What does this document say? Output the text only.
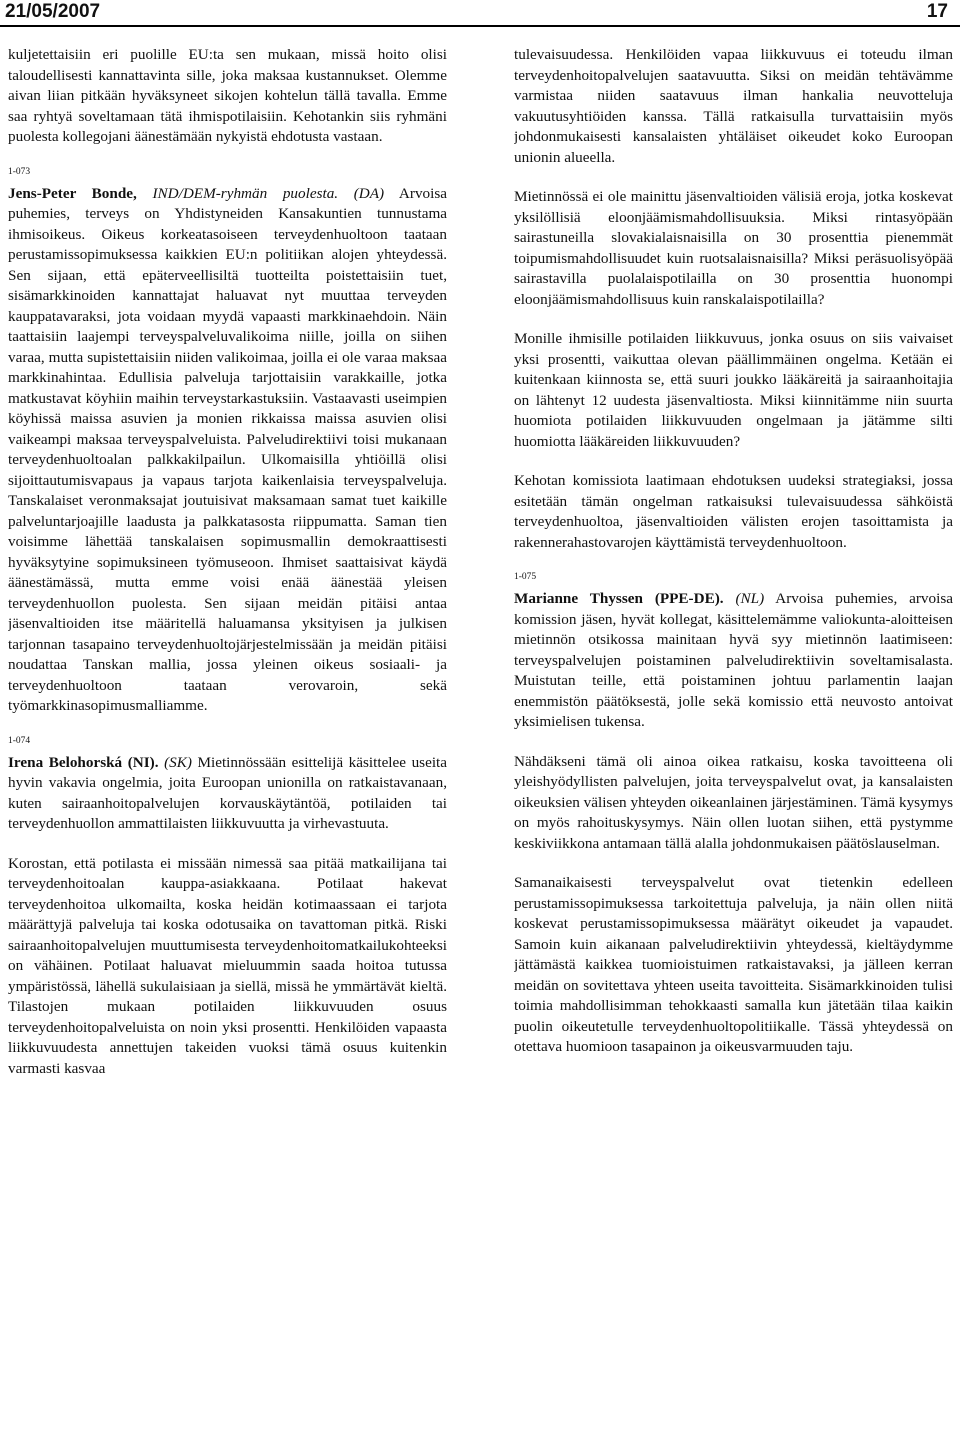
21/05/2007	17

kuljetettaisiin eri puolille EU:ta sen mukaan, missä hoito olisi taloudellisesti kannattavinta sille, joka maksaa kustannukset. Olemme aivan liian pitkään hyväksyneet sikojen kohtelun tällä tavalla. Emme saa ryhtyä soveltamaan tätä ihmispotilaisiin. Kehotankin siis ryhmäni puolesta kollegojani äänestämään nykyistä ehdotusta vastaan.

1-073

Jens-Peter Bonde, IND/DEM-ryhmän puolesta. (DA) Arvoisa puhemies, terveys on Yhdistyneiden Kansakuntien tunnustama ihmisoikeus. Oikeus korkeatasoiseen terveydenhuoltoon taataan perustamissopimuksessa kaikkien EU:n politiikan alojen yhteydessä. Sen sijaan, että epäterveellisiltä tuotteilta poistettaisiin tuet, sisämarkkinoiden kannattajat haluavat nyt muuttaa terveyden kauppatavaraksi, jota voidaan myydä vapaasti markkinaehdoin. Näin taattaisiin laajempi terveyspalveluvalikoima niille, joilla on siihen varaa, mutta supistettaisiin niiden valikoimaa, joilla ei ole varaa maksaa markkinahintaa. Edullisia palveluja tarjottaisiin varakkaille, jotka matkustavat köyhiin maihin terveystarkastuksiin. Vastaavasti useimpien köyhissä maissa asuvien ja monien rikkaissa maissa asuvien olisi vaikeampi maksaa terveyspalveluista. Palveludirektiivi toisi mukanaan terveydenhuoltoalan palkkakilpailun. Ulkomaisilla yhtiöillä olisi sijoittautumisvapaus ja vapaus tarjota kaikenlaisia terveyspalveluja. Tanskalaiset veronmaksajat joutuisivat maksamaan samat tuet kaikille palveluntarjoajille laadusta ja palkkatasosta riippumatta. Saman tien voisimme lähettää tanskalaisen sopimusmallin demokraattisesti hyväksytyine sopimuksineen työmuseoon. Ihmiset saattaisivat käydä äänestämässä, mutta emme voisi enää äänestää yleisen terveydenhuollon puolesta. Sen sijaan meidän pitäisi antaa jäsenvaltioiden itse määritellä haluamansa yksityisen ja julkisen tarjonnan tasapaino terveydenhuoltojärjestelmissään ja meidän pitäisi noudattaa Tanskan mallia, jossa yleinen oikeus sosiaali- ja terveydenhuoltoon taataan verovaroin, sekä työmarkkinasopimusmalliamme.

1-074

Irena Belohorská (NI). (SK) Mietinnössään esittelijä käsittelee useita hyvin vakavia ongelmia, joita Euroopan unionilla on ratkaistavanaan, kuten sairaanhoitopalvelujen korvauskäytäntöä, potilaiden tai terveydenhuollon ammattilaisten liikkuvuutta ja virhevastuuta.

Korostan, että potilasta ei missään nimessä saa pitää matkailijana tai terveydenhoitoalan kauppa-asiakkaana. Potilaat hakevat terveydenhoitoa ulkomailta, koska heidän kotimaassaan ei tarjota määrättyjä palveluja tai koska odotusaika on tavattoman pitkä. Riski sairaanhoitopalvelujen muuttumisesta terveydenhoitomatkailukohteeksi on vähäinen. Potilaat haluavat mieluummin saada hoitoa tutussa ympäristössä, lähellä sukulaisiaan ja siellä, missä he ymmärtävät kieltä. Tilastojen mukaan potilaiden liikkuvuuden osuus terveydenhoitopalveluista on noin yksi prosentti. Henkilöiden vapaasta liikkuvuudesta annettujen takeiden vuoksi tämä osuus kuitenkin varmasti kasvaa

tulevaisuudessa. Henkilöiden vapaa liikkuvuus ei toteudu ilman terveydenhoitopalvelujen saatavuutta. Siksi on meidän tehtävämme varmistaa niiden saatavuus ilman hankalia neuvotteluja vakuutusyhtiöiden kanssa. Tällä ratkaisulla turvattaisiin myös johdonmukaisesti kansalaisten yhtäläiset oikeudet koko Euroopan unionin alueella.

Mietinnössä ei ole mainittu jäsenvaltioiden välisiä eroja, jotka koskevat yksilöllisiä eloonjäämismahdollisuuksia. Miksi rintasyöpään sairastuneilla slovakialaisnaisilla on 30 prosenttia pienemmät toipumismahdollisuudet kuin ruotsalaisnaisilla? Miksi peräsuolisyöpää sairastavilla puolalaispotilailla on 30 prosenttia huonompi eloonjäämismahdollisuus kuin ranskalaispotilailla?

Monille ihmisille potilaiden liikkuvuus, jonka osuus on siis vaivaiset yksi prosentti, vaikuttaa olevan päällimmäinen ongelma. Ketään ei kuitenkaan kiinnosta se, että suuri joukko lääkäreitä ja sairaanhoitajia on lähtenyt 12 uudesta jäsenvaltiosta. Miksi kiinnitämme niin suurta huomiota potilaiden liikkuvuuden ongelmaan ja jätämme silti huomiotta lääkäreiden liikkuvuuden?

Kehotan komissiota laatimaan ehdotuksen uudeksi strategiaksi, jossa esitetään tämän ongelman ratkaisuksi tulevaisuudessa sähköistä terveydenhuoltoa, jäsenvaltioiden välisten erojen tasoittamista ja rakennerahastovarojen käyttämistä terveydenhuoltoon.

1-075

Marianne Thyssen (PPE-DE). (NL) Arvoisa puhemies, arvoisa komission jäsen, hyvät kollegat, käsittelemämme valiokunta-aloitteisen mietinnön otsikossa mainitaan hyvä syy mietinnön laatimiseen: terveyspalvelujen poistaminen palveludirektiivin soveltamisalasta. Muistutan teille, että poistaminen johtuu parlamentin laajan enemmistön päätöksestä, jolle sekä komissio että neuvosto antoivat yksimielisen tukensa.

Nähdäkseni tämä oli ainoa oikea ratkaisu, koska tavoitteena oli yleishyödyllisten palvelujen, joita terveyspalvelut ovat, ja kansalaisten oikeuksien välisen yhteyden oikeanlainen järjestäminen. Tämä kysymys on myös rahoituskysymys. Näin ollen luotan siihen, että pystymme keskiviikkona antamaan tällä alalla johdonmukaisen päätöslauselman.

Samanaikaisesti terveyspalvelut ovat tietenkin edelleen perustamissopimuksessa tarkoitettuja palveluja, ja näin ollen niitä koskevat perustamissopimuksessa määrätyt oikeudet ja vapaudet. Samoin kuin aikanaan palveludirektiivin yhteydessä, kieltäydymme jättämästä kaikkea tuomioistuimen ratkaistavaksi, ja jälleen kerran meidän on sovitettava yhteen useita tavoitteita. Sisämarkkinoiden tulisi toimia mahdollisimman tehokkaasti samalla kun jätetään tilaa kaikin puolin oikeutetulle terveydenhuoltopolitiikalle. Tässä yhteydessä on otettava huomioon tasapainon ja oikeusvarmuuden taju.
